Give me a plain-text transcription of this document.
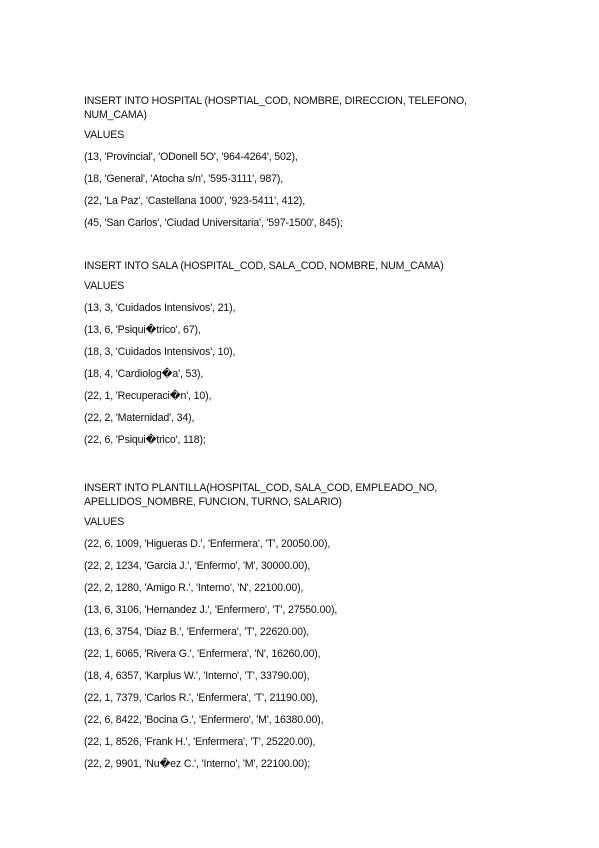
INSERT INTO HOSPITAL (HOSPTIAL_COD, NOMBRE, DIRECCION, TELEFONO,

NUM_CAMA)

VALUES

(13, 'Provincial', 'ODonell 5O', '964-4264', 502),

(18, 'General', 'Atocha s/n', '595-3111', 987),

(22, 'La Paz', 'Castellana 1000', '923-5411', 412),

(45, 'San Carlos', 'Ciudad Universitaria', '597-1500', 845);

INSERT INTO SALA (HOSPITAL_COD, SALA_COD, NOMBRE, NUM_CAMA)

VALUES

(13, 3, 'Cuidados Intensivos', 21),

(13, 6, 'Psiqui�trico', 67),

(18, 3, 'Cuidados Intensivos', 10),

(18, 4, 'Cardiolog�a', 53),

(22, 1, 'Recuperaci�n', 10),

(22, 2, 'Maternidad', 34),

(22, 6, 'Psiqui�trico', 118);

INSERT INTO PLANTILLA(HOSPITAL_COD, SALA_COD, EMPLEADO_NO,

APELLIDOS_NOMBRE, FUNCION, TURNO, SALARIO)

VALUES

(22, 6, 1009, 'Higueras D.', 'Enfermera', 'T', 20050.00),

(22, 2, 1234, 'Garcia J.', 'Enfermo', 'M', 30000.00),

(22, 2, 1280, 'Amigo R.', 'Interno', 'N', 22100.00),

(13, 6, 3106, 'Hernandez J.', 'Enfermero', 'T', 27550.00),

(13, 6, 3754, 'Diaz B.', 'Enfermera', 'T', 22620.00),

(22, 1, 6065, 'Rivera G.', 'Enfermera', 'N', 16260.00),

(18, 4, 6357, 'Karplus W.', 'Interno', 'T', 33790.00),

(22, 1, 7379, 'Carlos R.', 'Enfermera', 'T', 21190.00),

(22, 6, 8422, 'Bocina G.', 'Enfermero', 'M', 16380.00),

(22, 1, 8526, 'Frank H.', 'Enfermera', 'T', 25220.00),

(22, 2, 9901, 'Nu�ez C.', 'Interno', 'M', 22100.00);
